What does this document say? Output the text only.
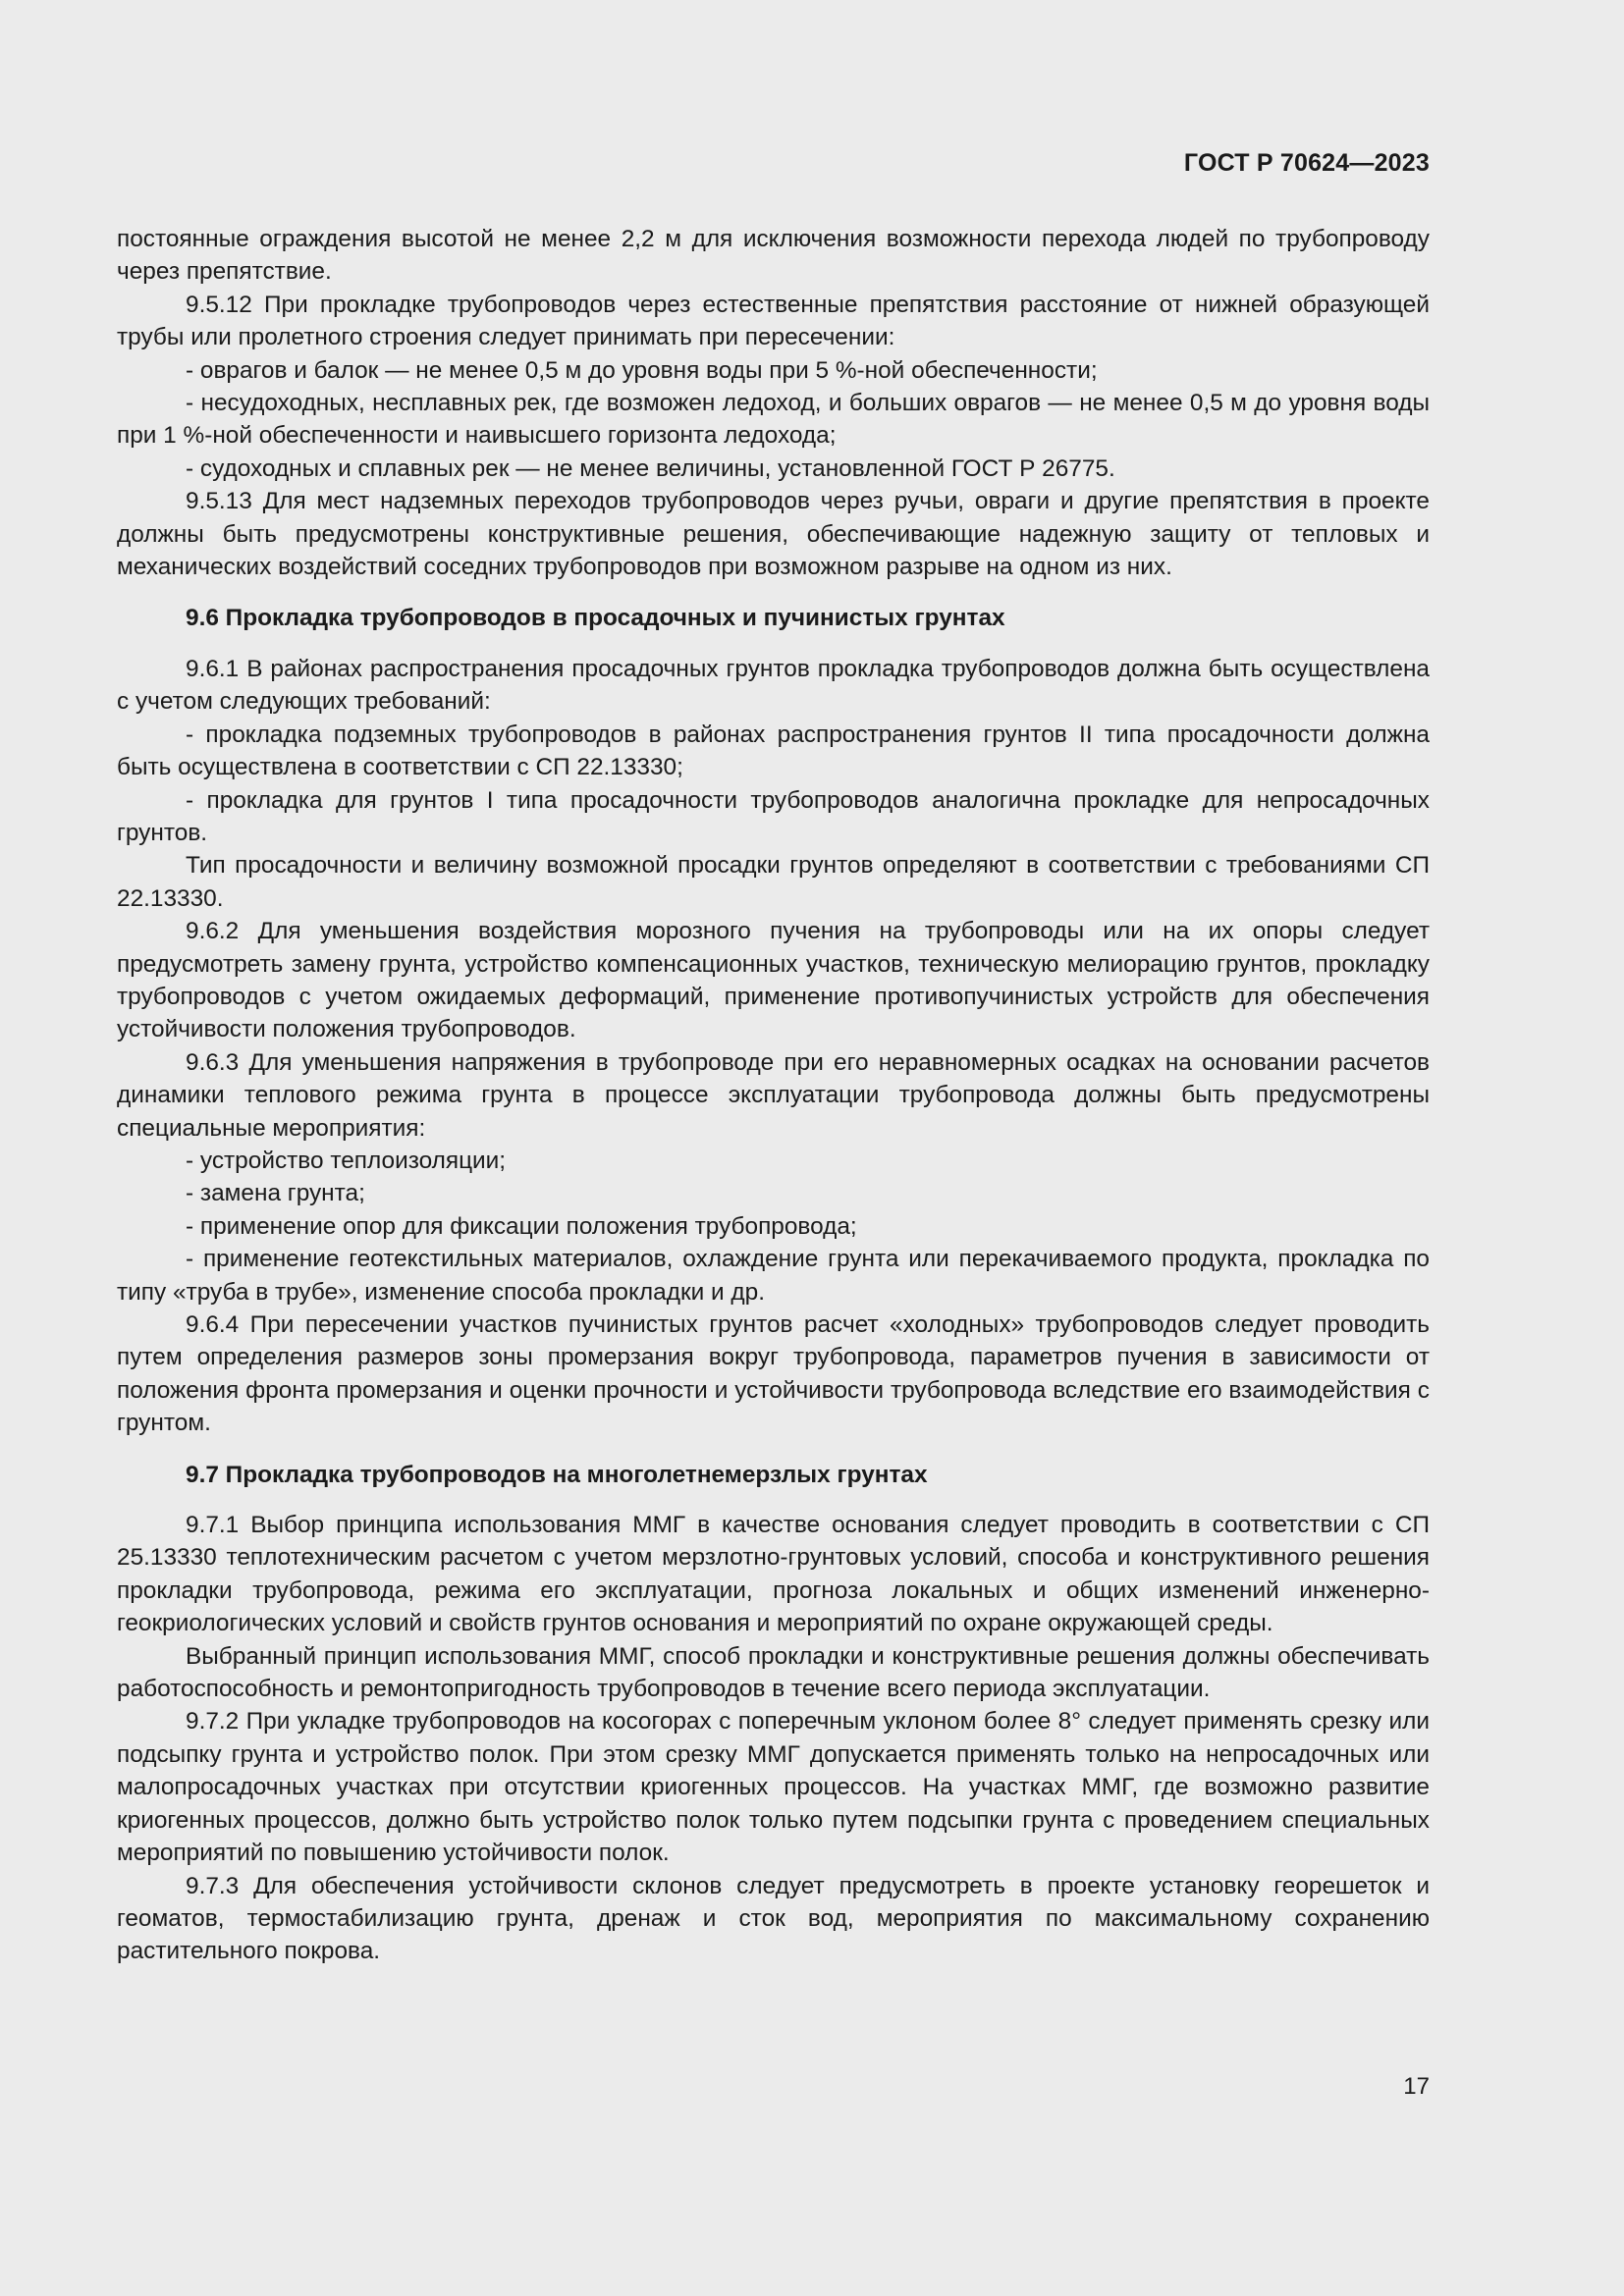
ГОСТ Р 70624—2023

постоянные ограждения высотой не менее 2,2 м для исключения возможности перехода людей по трубопроводу через препятствие.

9.5.12 При прокладке трубопроводов через естественные препятствия расстояние от нижней образующей трубы или пролетного строения следует принимать при пересечении:

- оврагов и балок — не менее 0,5 м до уровня воды при 5 %-ной обеспеченности;

- несудоходных, несплавных рек, где возможен ледоход, и больших оврагов — не менее 0,5 м до уровня воды при 1 %-ной обеспеченности и наивысшего горизонта ледохода;

- судоходных и сплавных рек — не менее величины, установленной ГОСТ Р 26775.

9.5.13 Для мест надземных переходов трубопроводов через ручьи, овраги и другие препятствия в проекте должны быть предусмотрены конструктивные решения, обеспечивающие надежную защиту от тепловых и механических воздействий соседних трубопроводов при возможном разрыве на одном из них.

9.6 Прокладка трубопроводов в просадочных и пучинистых грунтах

9.6.1 В районах распространения просадочных грунтов прокладка трубопроводов должна быть осуществлена с учетом следующих требований:

- прокладка подземных трубопроводов в районах распространения грунтов II типа просадочности должна быть осуществлена в соответствии с СП 22.13330;

- прокладка для грунтов I типа просадочности трубопроводов аналогична прокладке для непросадочных грунтов.

Тип просадочности и величину возможной просадки грунтов определяют в соответствии с требованиями СП 22.13330.

9.6.2 Для уменьшения воздействия морозного пучения на трубопроводы или на их опоры следует предусмотреть замену грунта, устройство компенсационных участков, техническую мелиорацию грунтов, прокладку трубопроводов с учетом ожидаемых деформаций, применение противопучинистых устройств для обеспечения устойчивости положения трубопроводов.

9.6.3 Для уменьшения напряжения в трубопроводе при его неравномерных осадках на основании расчетов динамики теплового режима грунта в процессе эксплуатации трубопровода должны быть предусмотрены специальные мероприятия:

- устройство теплоизоляции;

- замена грунта;

- применение опор для фиксации положения трубопровода;

- применение геотекстильных материалов, охлаждение грунта или перекачиваемого продукта, прокладка по типу «труба в трубе», изменение способа прокладки и др.

9.6.4 При пересечении участков пучинистых грунтов расчет «холодных» трубопроводов следует проводить путем определения размеров зоны промерзания вокруг трубопровода, параметров пучения в зависимости от положения фронта промерзания и оценки прочности и устойчивости трубопровода вследствие его взаимодействия с грунтом.

9.7 Прокладка трубопроводов на многолетнемерзлых грунтах

9.7.1 Выбор принципа использования ММГ в качестве основания следует проводить в соответствии с СП 25.13330 теплотехническим расчетом с учетом мерзлотно-грунтовых условий, способа и конструктивного решения прокладки трубопровода, режима его эксплуатации, прогноза локальных и общих изменений инженерно-геокриологических условий и свойств грунтов основания и мероприятий по охране окружающей среды.

Выбранный принцип использования ММГ, способ прокладки и конструктивные решения должны обеспечивать работоспособность и ремонтопригодность трубопроводов в течение всего периода эксплуатации.

9.7.2 При укладке трубопроводов на косогорах с поперечным уклоном более 8° следует применять срезку или подсыпку грунта и устройство полок. При этом срезку ММГ допускается применять только на непросадочных или малопросадочных участках при отсутствии криогенных процессов. На участках ММГ, где возможно развитие криогенных процессов, должно быть устройство полок только путем подсыпки грунта с проведением специальных мероприятий по повышению устойчивости полок.

9.7.3 Для обеспечения устойчивости склонов следует предусмотреть в проекте установку георешеток и геоматов, термостабилизацию грунта, дренаж и сток вод, мероприятия по максимальному сохранению растительного покрова.

17
